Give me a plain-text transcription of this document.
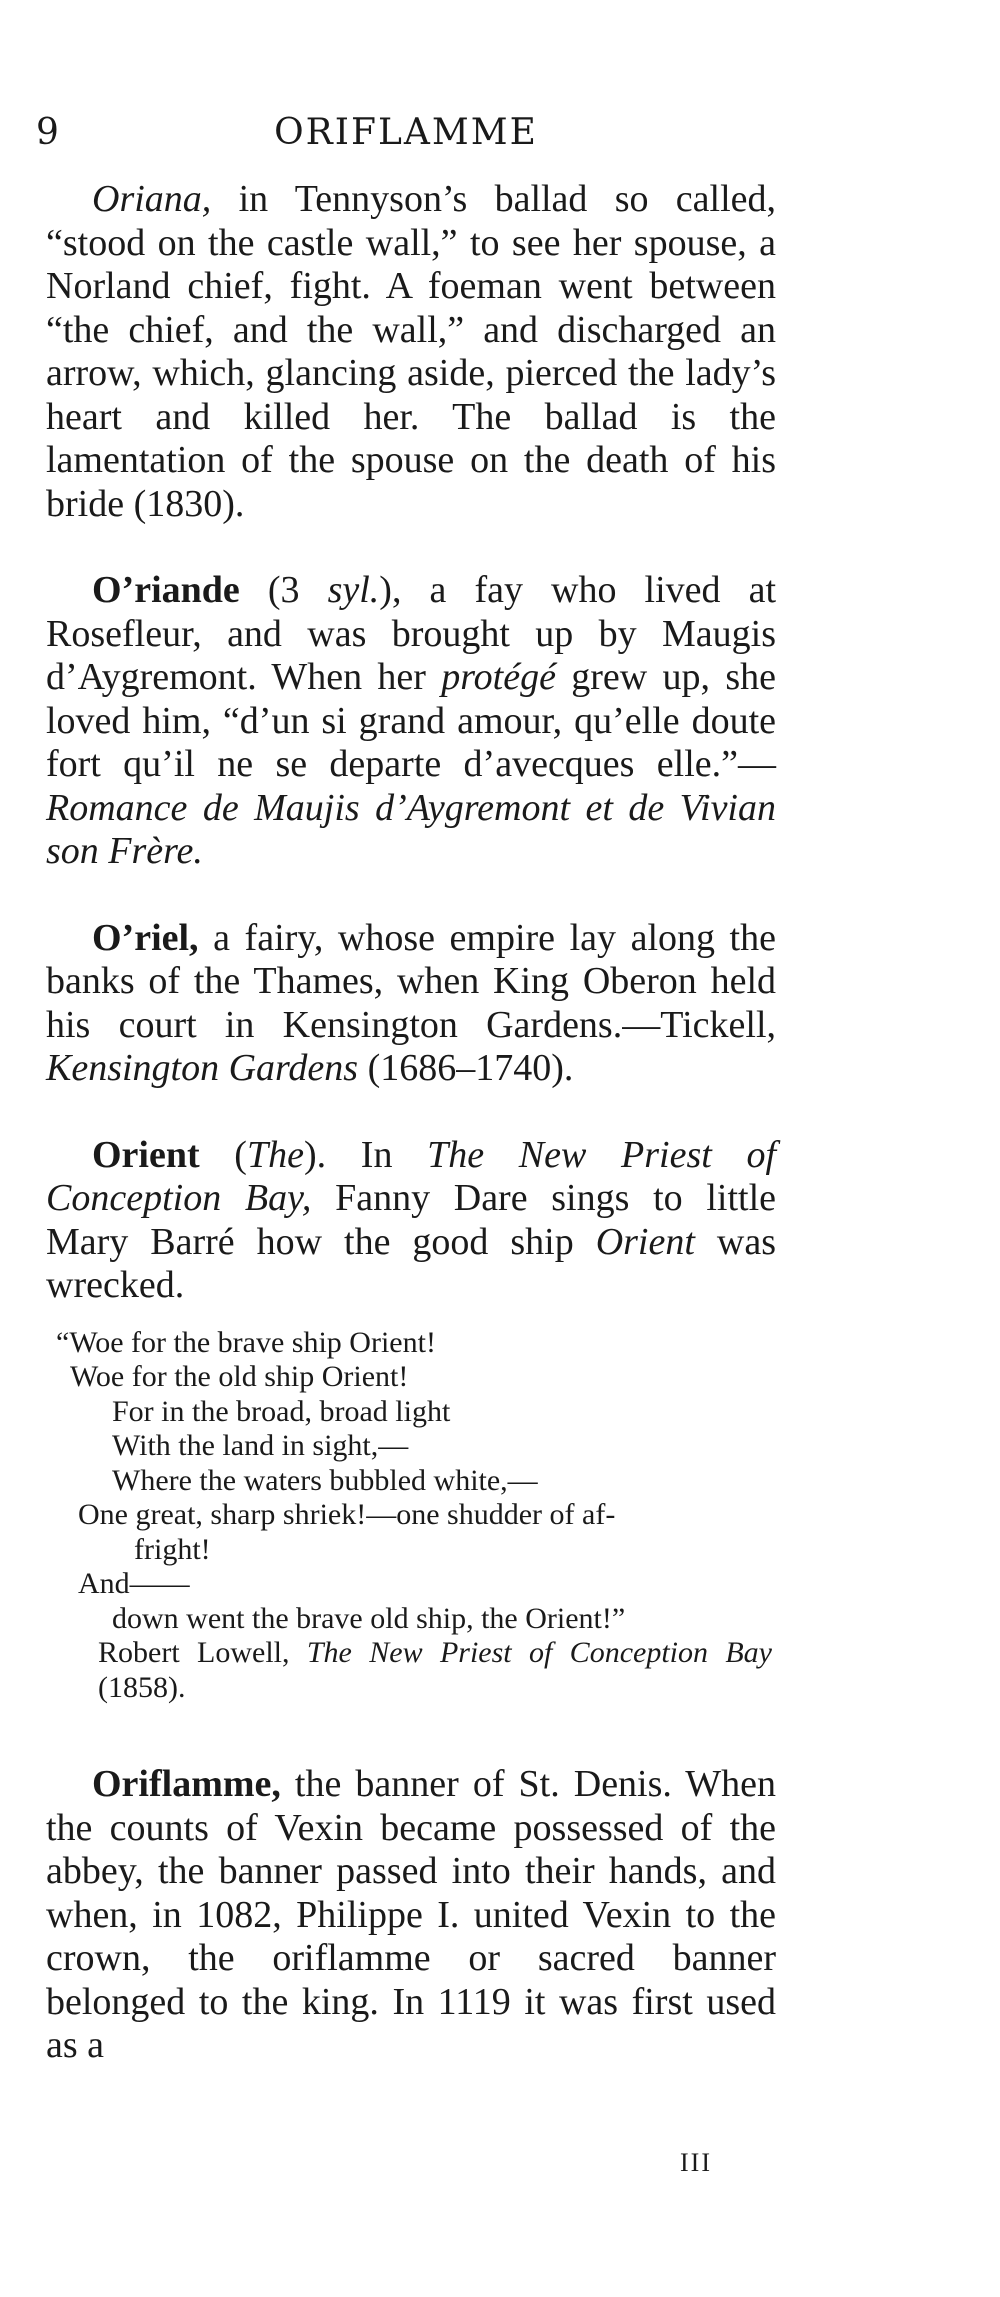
9	ORIFLAMME

Oriana, in Tennyson’s ballad so called, “stood on the castle wall,” to see her spouse, a Norland chief, fight. A foeman went between “the chief, and the wall,” and discharged an arrow, which, glancing aside, pierced the lady’s heart and killed her. The ballad is the lamentation of the spouse on the death of his bride (1830).

O’riande (3 syl.), a fay who lived at Rosefleur, and was brought up by Maugis d’Aygremont. When her protégé grew up, she loved him, “d’un si grand amour, qu’elle doute fort qu’il ne se departe d’avecques elle.”—Romance de Maujis d’Aygremont et de Vivian son Frère.

O’riel, a fairy, whose empire lay along the banks of the Thames, when King Oberon held his court in Kensington Gardens.—Tickell, Kensington Gardens (1686–1740).

Orient (The). In The New Priest of Conception Bay, Fanny Dare sings to little Mary Barré how the good ship Orient was wrecked.

“Woe for the brave ship Orient!
Woe for the old ship Orient!
For in the broad, broad light
With the land in sight,—
Where the waters bubbled white,—
One great, sharp shriek!—one shudder of af-
fright!
And——
down went the brave old ship, the Orient!”
Robert Lowell, The New Priest of Conception Bay (1858).

Oriflamme, the banner of St. Denis. When the counts of Vexin became possessed of the abbey, the banner passed into their hands, and when, in 1082, Philippe I. united Vexin to the crown, the oriflamme or sacred banner belonged to the king. In 1119 it was first used as a

III
